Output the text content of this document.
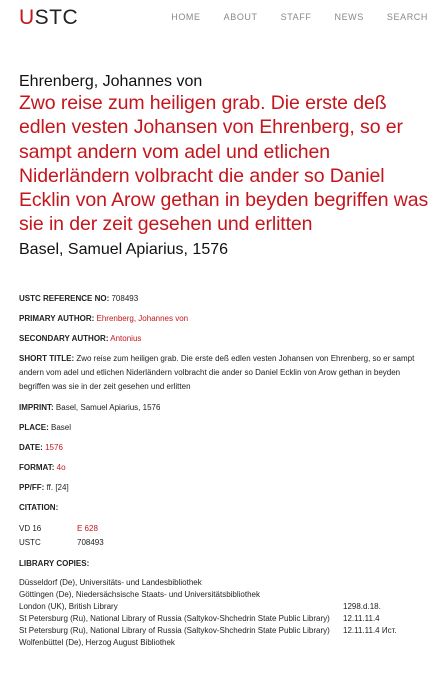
USTC	HOME	ABOUT	STAFF	NEWS	SEARCH

Ehrenberg, Johannes von

Zwo reise zum heiligen grab. Die erste deß edlen vesten Johansen von Ehrenberg, so er sampt andern vom adel und etlichen Niderländern volbracht die ander so Daniel Ecklin von Arow gethan in beyden begriffen was sie in der zeit gesehen und erlitten

Basel, Samuel Apiarius, 1576

USTC REFERENCE NO: 708493
PRIMARY AUTHOR: Ehrenberg, Johannes von
SECONDARY AUTHOR: Antonius
SHORT TITLE: Zwo reise zum heiligen grab. Die erste deß edlen vesten Johansen von Ehrenberg, so er sampt andern vom adel und etlichen Niderländern volbracht die ander so Daniel Ecklin von Arow gethan in beyden begriffen was sie in der zeit gesehen und erlitten
IMPRINT: Basel, Samuel Apiarius, 1576
PLACE: Basel
DATE: 1576
FORMAT: 4o
PP/FF: ff. [24]
CITATION:
VD 16	E 628
USTC	708493
LIBRARY COPIES:
Düsseldorf (De), Universitäts- und Landesbibliothek
Göttingen (De), Niedersächsische Staats- und Universitätsbibliothek
London (UK), British Library	1298.d.18.
St Petersburg (Ru), National Library of Russia (Saltykov-Shchedrin State Public Library)	12.11.11.4
St Petersburg (Ru), National Library of Russia (Saltykov-Shchedrin State Public Library)	12.11.11.4 Ист.
Wolfenbüttel (De), Herzog August Bibliothek
